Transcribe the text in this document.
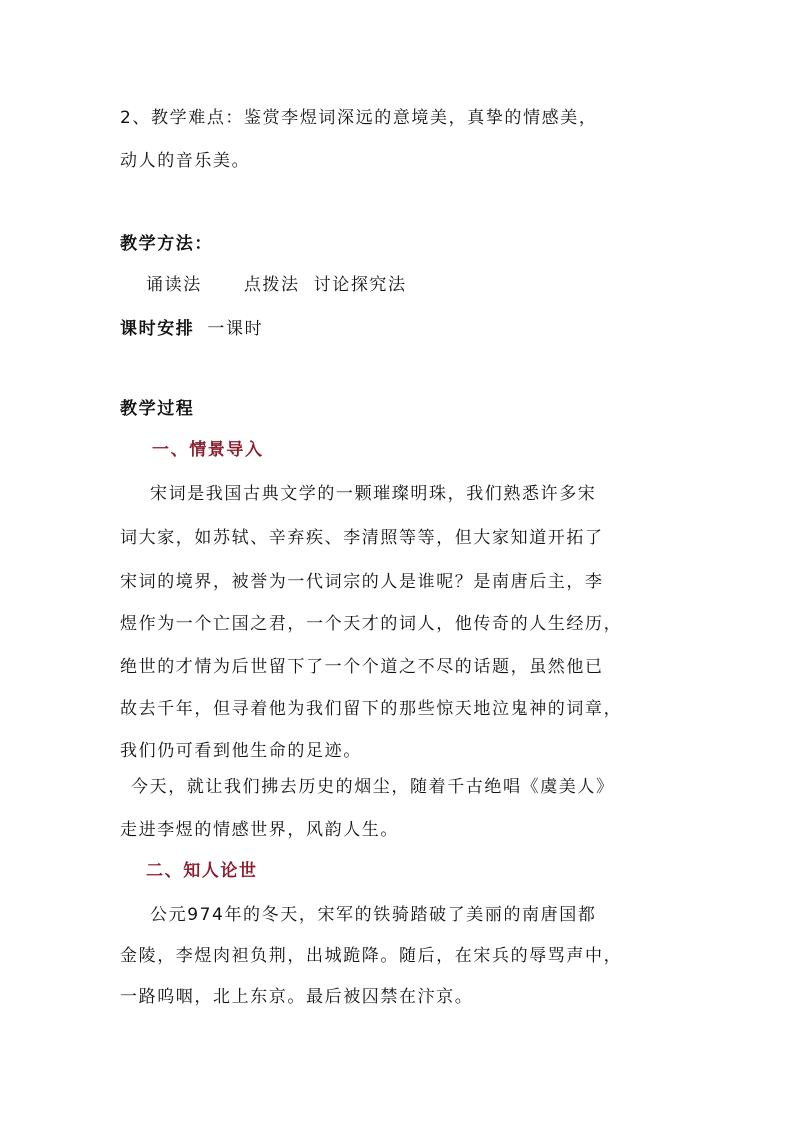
2、教学难点：鉴赏李煜词深远的意境美，真挚的情感美，
动人的音乐美。
教学方法：
诵读法      点拨法  讨论探究法
课时安排 一课时
教学过程
一、情景导入
宋词是我国古典文学的一颗璀璨明珠，我们熟悉许多宋
词大家，如苏轼、辛弃疾、李清照等等，但大家知道开拓了
宋词的境界，被誉为一代词宗的人是谁呢？是南唐后主，李
煜作为一个亡国之君，一个天才的词人，他传奇的人生经历，
绝世的才情为后世留下了一个个道之不尽的话题，虽然他已
故去千年，但寻着他为我们留下的那些惊天地泣鬼神的词章，
我们仍可看到他生命的足迹。
今天，就让我们拂去历史的烟尘，随着千古绝唱《虞美人》
走进李煜的情感世界，风韵人生。
二、知人论世
公元974年的冬天，宋军的铁骑踏破了美丽的南唐国都
金陵，李煜肉袒负荆，出城跪降。随后，在宋兵的辱骂声中，
一路呜咽，北上东京。最后被囚禁在汴京。
